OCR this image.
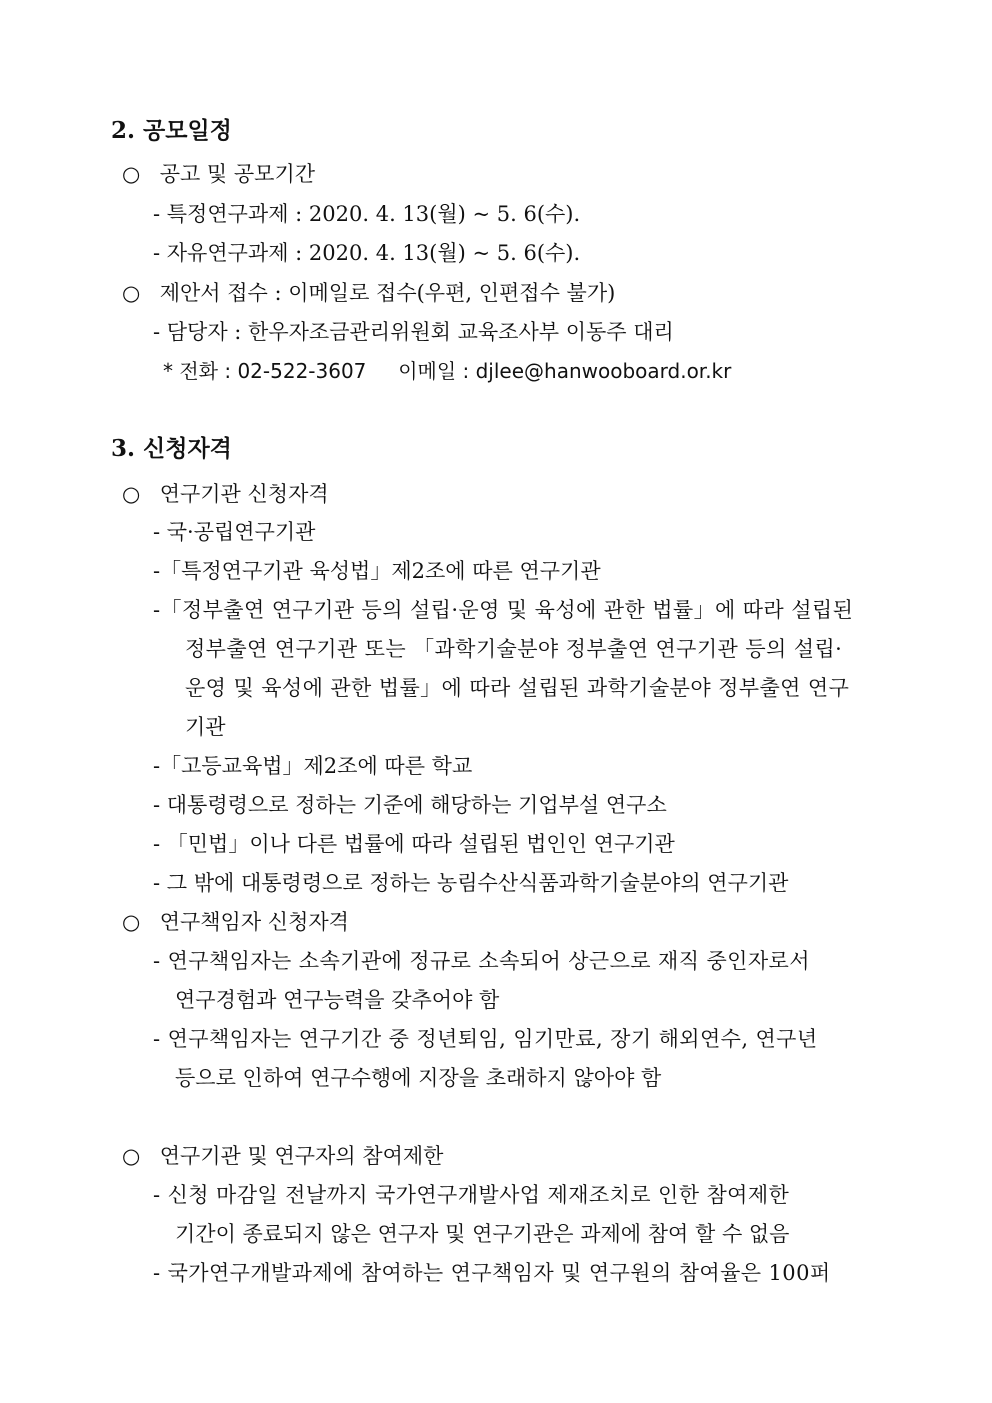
2. 공모일정
○ 공고 및 공모기간
- 특정연구과제 : 2020. 4. 13(월) ~ 5. 6(수).
- 자유연구과제 : 2020. 4. 13(월) ~ 5. 6(수).
○ 제안서 접수 : 이메일로 접수(우편, 인편접수 불가)
- 담당자 : 한우자조금관리위원회 교육조사부 이동주 대리
* 전화 : 02-522-3607     이메일 : djlee@hanwooboard.or.kr
3. 신청자격
○ 연구기관 신청자격
- 국·공립연구기관
-「특정연구기관 육성법」제2조에 따른 연구기관
-「정부출연 연구기관 등의 설립·운영 및 육성에 관한 법률」에 따라 설립된
정부출연 연구기관 또는 「과학기술분야 정부출연 연구기관 등의 설립·
운영 및 육성에 관한 법률」에 따라 설립된 과학기술분야 정부출연 연구
기관
-「고등교육법」제2조에 따른 학교
- 대통령령으로 정하는 기준에 해당하는 기업부설 연구소
- 「민법」이나 다른 법률에 따라 설립된 법인인 연구기관
- 그 밖에 대통령령으로 정하는 농림수산식품과학기술분야의 연구기관
○ 연구책임자 신청자격
- 연구책임자는 소속기관에 정규로 소속되어 상근으로 재직 중인자로서
연구경험과 연구능력을 갖추어야 함
- 연구책임자는 연구기간 중 정년퇴임, 임기만료, 장기 해외연수, 연구년
등으로 인하여 연구수행에 지장을 초래하지 않아야 함
○ 연구기관 및 연구자의 참여제한
- 신청 마감일 전날까지 국가연구개발사업 제재조치로 인한 참여제한
기간이 종료되지 않은 연구자 및 연구기관은 과제에 참여 할 수 없음
- 국가연구개발과제에 참여하는 연구책임자 및 연구원의 참여율은 100퍼
